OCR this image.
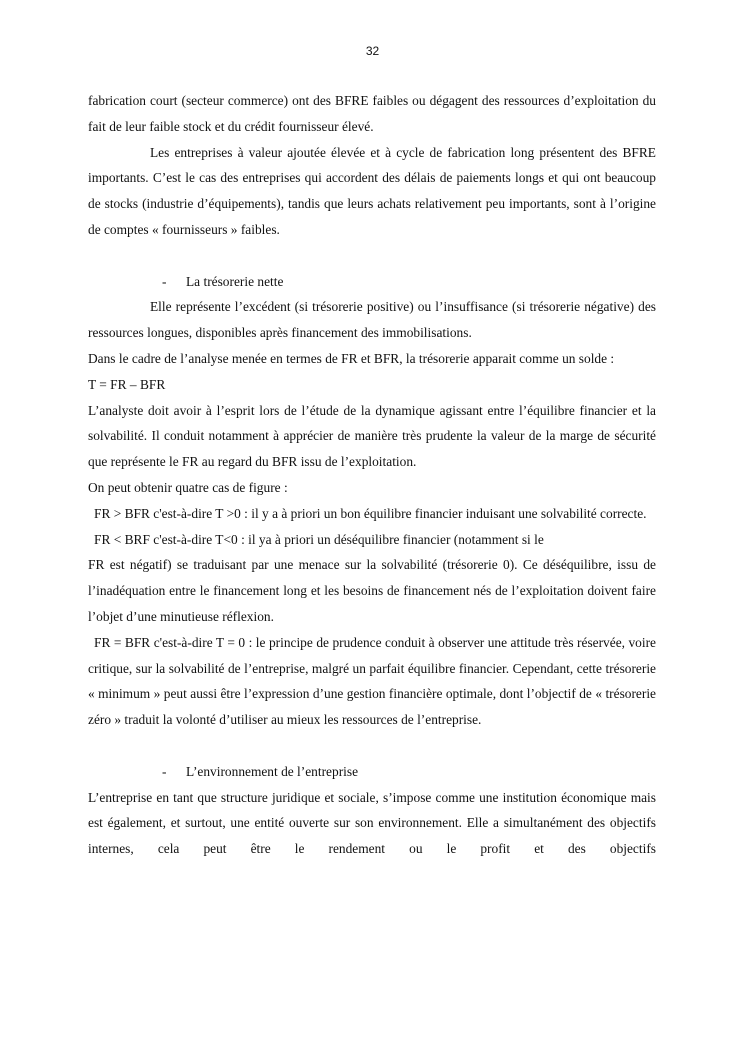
32

fabrication court (secteur commerce) ont des BFRE faibles ou dégagent des ressources d’exploitation du fait de leur faible stock et du crédit fournisseur élevé.

Les entreprises à valeur ajoutée élevée et à cycle de fabrication long présentent des BFRE importants. C’est le cas des entreprises qui accordent des délais de paiements longs et qui ont beaucoup de stocks (industrie d’équipements), tandis que leurs achats relativement peu importants, sont à l’origine de comptes « fournisseurs » faibles.

- La trésorerie nette

Elle représente l’excédent (si trésorerie positive) ou l’insuffisance (si trésorerie négative) des ressources longues, disponibles après financement des immobilisations.

Dans le cadre de l’analyse menée en termes de FR et BFR, la trésorerie apparait comme un solde :

T = FR – BFR

L’analyste doit avoir à l’esprit lors de l’étude de la dynamique agissant entre l’équilibre financier et la solvabilité. Il conduit notamment à apprécier de manière très prudente la valeur de la marge de sécurité que représente le FR au regard du BFR issu de l’exploitation.

On peut obtenir quatre cas de figure :

FR > BFR c'est-à-dire T >0 : il y a à priori un bon équilibre financier induisant une solvabilité correcte.

FR < BRF c'est-à-dire T<0 : il ya à priori un déséquilibre financier (notamment si le

FR est négatif) se traduisant par une menace sur la solvabilité (trésorerie 0). Ce déséquilibre, issu de l’inadéquation entre le financement long et les besoins de financement nés de l’exploitation doivent faire l’objet d’une minutieuse réflexion.

FR = BFR c'est-à-dire T = 0 : le principe de prudence conduit à observer une attitude très réservée, voire critique, sur la solvabilité de l’entreprise, malgré un parfait équilibre financier. Cependant, cette trésorerie « minimum » peut aussi être l’expression d’une gestion financière optimale, dont l’objectif de « trésorerie zéro » traduit la volonté d’utiliser au mieux les ressources de l’entreprise.

- L’environnement de l’entreprise

L’entreprise en tant que structure juridique et sociale, s’impose comme une institution économique mais est également, et surtout, une entité ouverte sur son environnement. Elle a simultanément des objectifs internes, cela peut être le rendement ou le profit et des objectifs
